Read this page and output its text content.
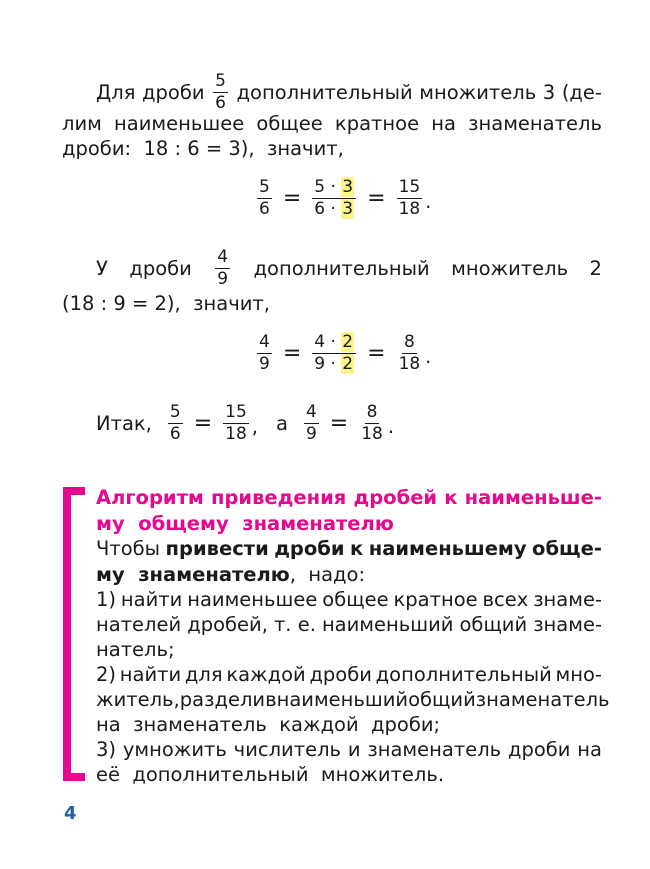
Для дроби $\frac{5}{6}$ дополнительный множитель 3 (де-
лим наименьшее общее кратное на знаменатель
дроби:  18 : 6 = 3),  значит,
$\frac{5}{6} = \frac{5 \cdot 3}{6 \cdot 3} = \frac{15}{18}$ .
У дроби $\frac{4}{9}$ дополнительный множитель 2
(18 : 9 = 2),  значит,
$\frac{4}{9} = \frac{4 \cdot 2}{9 \cdot 2} = \frac{8}{18}$ .
Итак, $\frac{5}{6} = \frac{15}{18}$ , а $\frac{4}{9} = \frac{8}{18}$ .
Алгоритм приведения дробей к наименьше-
му  общему  знаменателю
Чтобы привести дроби к наименьшему обще-
му  знаменателю,  надо:
1) найти наименьшее общее кратное всех знаме-
нателей дробей, т. е. наименьший общий знаме-
натель;
2) найти для каждой дроби дополнительный мно-
житель, разделив наименьший общий знаменатель
на  знаменатель  каждой  дроби;
3) умножить числитель и знаменатель дроби на
её  дополнительный  множитель.
4
